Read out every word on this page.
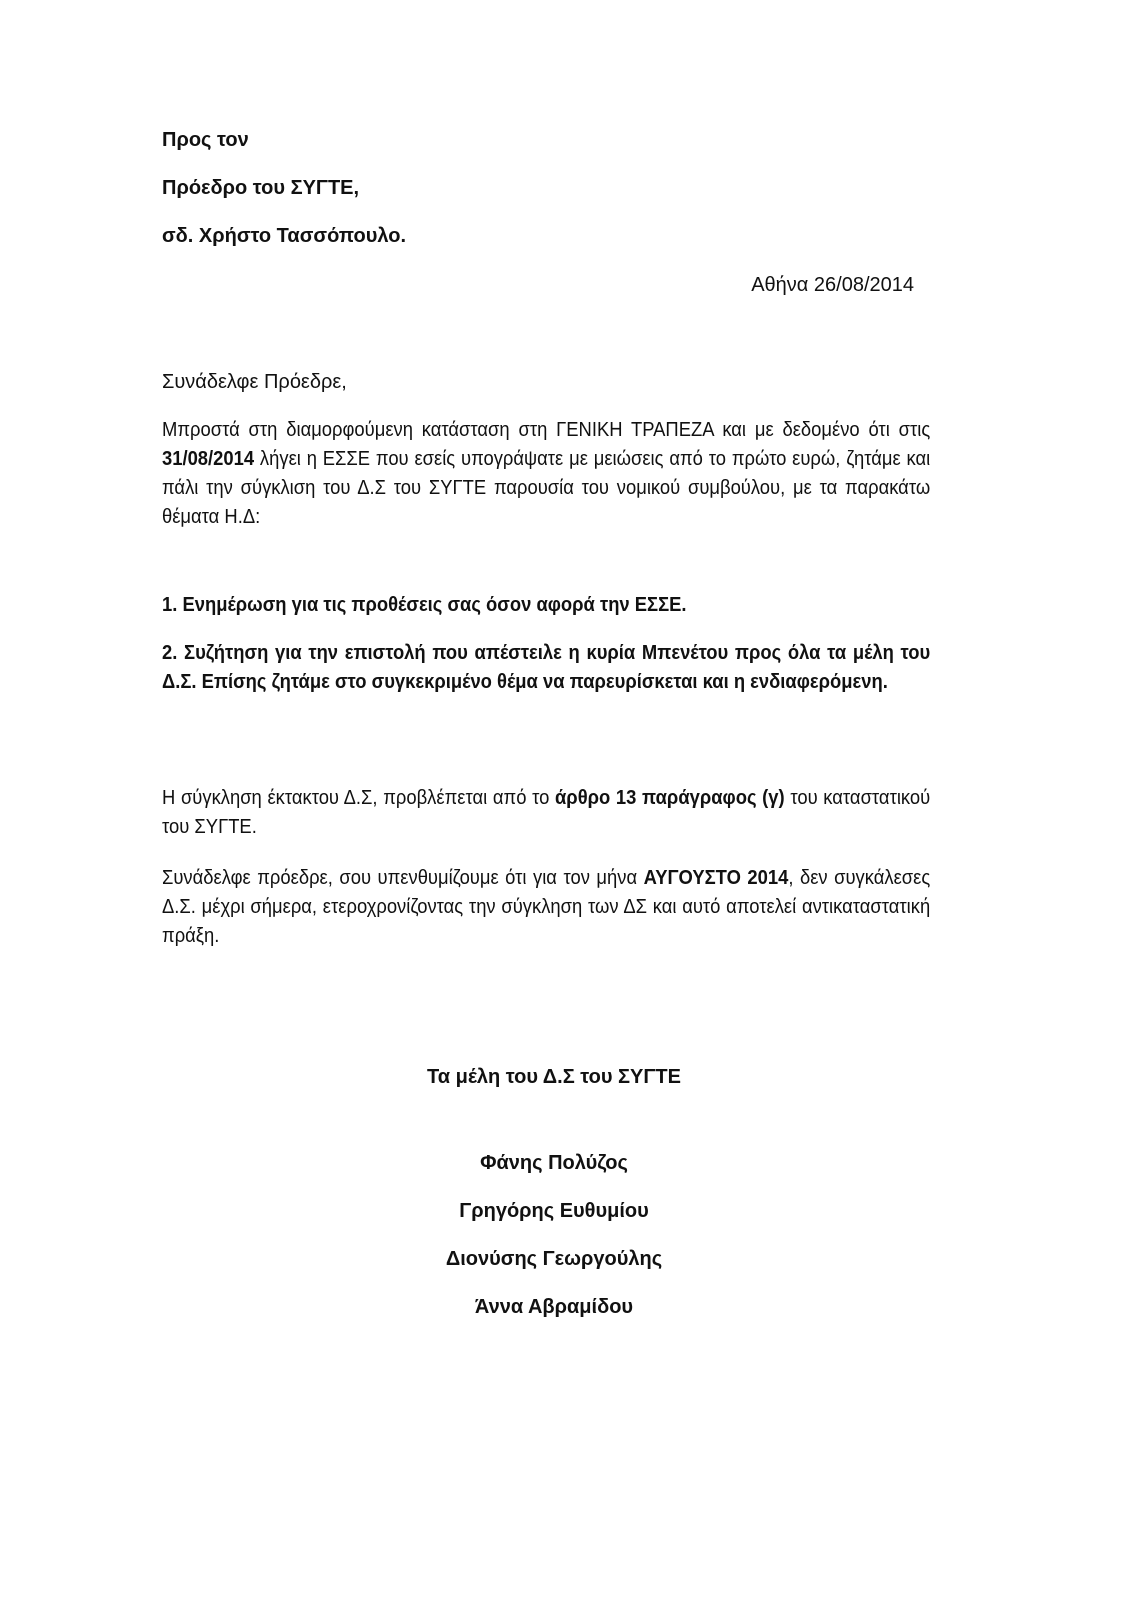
Προς τον
Πρόεδρο του ΣΥΓΤΕ,
σδ. Χρήστο Τασσόπουλο.
Αθήνα 26/08/2014
Συνάδελφε Πρόεδρε,
Μπροστά στη διαμορφούμενη κατάσταση στη ΓΕΝΙΚΗ ΤΡΑΠΕΖΑ και με δεδομένο ότι στις 31/08/2014 λήγει η ΕΣΣΕ που εσείς υπογράψατε με μειώσεις από το πρώτο ευρώ, ζητάμε και πάλι την σύγκλιση του Δ.Σ του ΣΥΓΤΕ παρουσία του νομικού συμβούλου, με τα παρακάτω θέματα Η.Δ:
1. Ενημέρωση για τις προθέσεις σας όσον αφορά την ΕΣΣΕ.
2. Συζήτηση για την επιστολή που απέστειλε η κυρία Μπενέτου προς όλα τα μέλη του Δ.Σ. Επίσης ζητάμε στο συγκεκριμένο θέμα να παρευρίσκεται και η ενδιαφερόμενη.
Η σύγκληση έκτακτου Δ.Σ, προβλέπεται από το άρθρο 13 παράγραφος (γ) του καταστατικού του ΣΥΓΤΕ.
Συνάδελφε πρόεδρε, σου υπενθυμίζουμε ότι για τον μήνα ΑΥΓΟΥΣΤΟ 2014, δεν συγκάλεσες Δ.Σ. μέχρι σήμερα, ετεροχρονίζοντας την σύγκληση των ΔΣ και αυτό αποτελεί αντικαταστατική πράξη.
Τα μέλη του Δ.Σ του ΣΥΓΤΕ
Φάνης Πολύζος
Γρηγόρης Ευθυμίου
Διονύσης Γεωργούλης
Άννα Αβραμίδου
